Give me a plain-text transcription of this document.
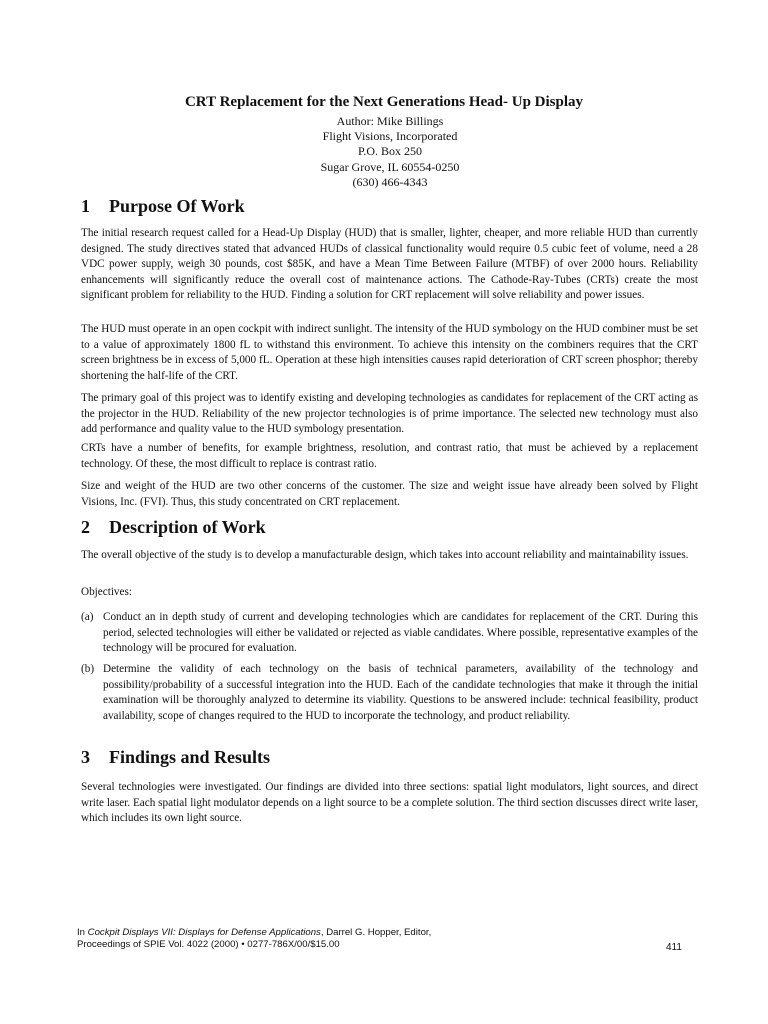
CRT Replacement for the Next Generations Head- Up Display
Author: Mike Billings
Flight Visions, Incorporated
P.O. Box 250
Sugar Grove, IL 60554-0250
(630) 466-4343
1 Purpose Of Work
The initial research request called for a Head-Up Display (HUD) that is smaller, lighter, cheaper, and more reliable HUD than currently designed. The study directives stated that advanced HUDs of classical functionality would require 0.5 cubic feet of volume, need a 28 VDC power supply, weigh 30 pounds, cost $85K, and have a Mean Time Between Failure (MTBF) of over 2000 hours. Reliability enhancements will significantly reduce the overall cost of maintenance actions. The Cathode-Ray-Tubes (CRTs) create the most significant problem for reliability to the HUD. Finding a solution for CRT replacement will solve reliability and power issues.
The HUD must operate in an open cockpit with indirect sunlight. The intensity of the HUD symbology on the HUD combiner must be set to a value of approximately 1800 fL to withstand this environment. To achieve this intensity on the combiners requires that the CRT screen brightness be in excess of 5,000 fL. Operation at these high intensities causes rapid deterioration of CRT screen phosphor; thereby shortening the half-life of the CRT.
The primary goal of this project was to identify existing and developing technologies as candidates for replacement of the CRT acting as the projector in the HUD. Reliability of the new projector technologies is of prime importance. The selected new technology must also add performance and quality value to the HUD symbology presentation.
CRTs have a number of benefits, for example brightness, resolution, and contrast ratio, that must be achieved by a replacement technology. Of these, the most difficult to replace is contrast ratio.
Size and weight of the HUD are two other concerns of the customer. The size and weight issue have already been solved by Flight Visions, Inc. (FVI). Thus, this study concentrated on CRT replacement.
2 Description of Work
The overall objective of the study is to develop a manufacturable design, which takes into account reliability and maintainability issues.
Objectives:
(a) Conduct an in depth study of current and developing technologies which are candidates for replacement of the CRT. During this period, selected technologies will either be validated or rejected as viable candidates. Where possible, representative examples of the technology will be procured for evaluation.
(b) Determine the validity of each technology on the basis of technical parameters, availability of the technology and possibility/probability of a successful integration into the HUD. Each of the candidate technologies that make it through the initial examination will be thoroughly analyzed to determine its viability. Questions to be answered include: technical feasibility, product availability, scope of changes required to the HUD to incorporate the technology, and product reliability.
3 Findings and Results
Several technologies were investigated. Our findings are divided into three sections: spatial light modulators, light sources, and direct write laser. Each spatial light modulator depends on a light source to be a complete solution. The third section discusses direct write laser, which includes its own light source.
In Cockpit Displays VII: Displays for Defense Applications, Darrel G. Hopper, Editor,
Proceedings of SPIE Vol. 4022 (2000) • 0277-786X/00/$15.00	411
